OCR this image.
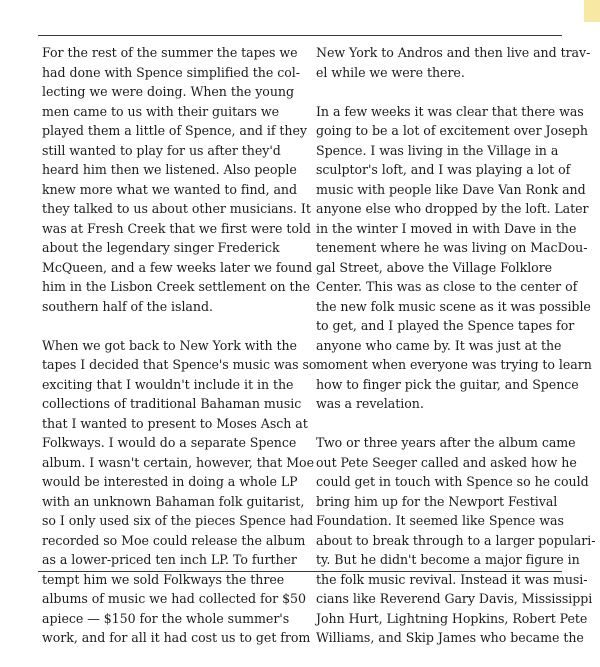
For the rest of the summer the tapes we
had done with Spence simplified the col-
lecting we were doing. When the young
men came to us with their guitars we
played them a little of Spence, and if they
still wanted to play for us after they'd
heard him then we listened. Also people
knew more what we wanted to find, and
they talked to us about other musicians. It
was at Fresh Creek that we first were told
about the legendary singer Frederick
McQueen, and a few weeks later we found
him in the Lisbon Creek settlement on the
southern half of the island.

When we got back to New York with the
tapes I decided that Spence's music was so
exciting that I wouldn't include it in the
collections of traditional Bahaman music
that I wanted to present to Moses Asch at
Folkways. I would do a separate Spence
album. I wasn't certain, however, that Moe
would be interested in doing a whole LP
with an unknown Bahaman folk guitarist,
so I only used six of the pieces Spence had
recorded so Moe could release the album
as a lower-priced ten inch LP. To further
tempt him we sold Folkways the three
albums of music we had collected for $50
apiece — $150 for the whole summer's
work, and for all it had cost us to get from

New York to Andros and then live and trav-
el while we were there.

In a few weeks it was clear that there was
going to be a lot of excitement over Joseph
Spence. I was living in the Village in a
sculptor's loft, and I was playing a lot of
music with people like Dave Van Ronk and
anyone else who dropped by the loft. Later
in the winter I moved in with Dave in the
tenement where he was living on MacDou-
gal Street, above the Village Folklore
Center. This was as close to the center of
the new folk music scene as it was possible
to get, and I played the Spence tapes for
anyone who came by. It was just at the
moment when everyone was trying to learn
how to finger pick the guitar, and Spence
was a revelation.

Two or three years after the album came
out Pete Seeger called and asked how he
could get in touch with Spence so he could
bring him up for the Newport Festival
Foundation. It seemed like Spence was
about to break through to a larger populari-
ty. But he didn't become a major figure in
the folk music revival. Instead it was musi-
cians like Reverend Gary Davis, Mississippi
John Hurt, Lightning Hopkins, Robert Pete
Williams, and Skip James who became the
